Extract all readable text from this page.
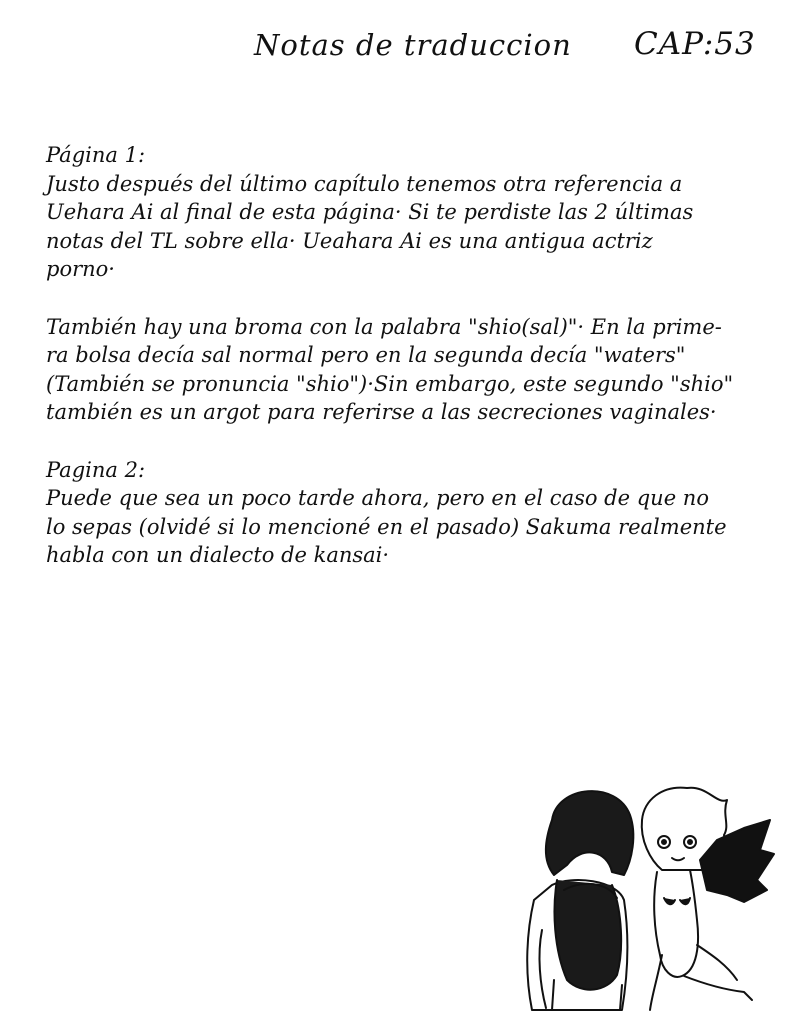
Notas de traduccion CAP:53
Página 1:
Justo después del último capítulo tenemos otra referencia a
Uehara Ai al final de esta página· Si te perdiste las 2 últimas
notas del TL sobre ella· Ueahara Ai es una antigua actriz
porno·
También hay una broma con la palabra "shio(sal)"· En la prime-
ra bolsa decía sal normal pero en la segunda decía "waters"
(También se pronuncia "shio")·Sin embargo, este segundo "shio"
también es un argot para referirse a las secreciones vaginales·
Pagina 2:
Puede que sea un poco tarde ahora, pero en el caso de que no
lo sepas (olvidé si lo mencioné en el pasado) Sakuma realmente
habla con un dialecto de kansai·
